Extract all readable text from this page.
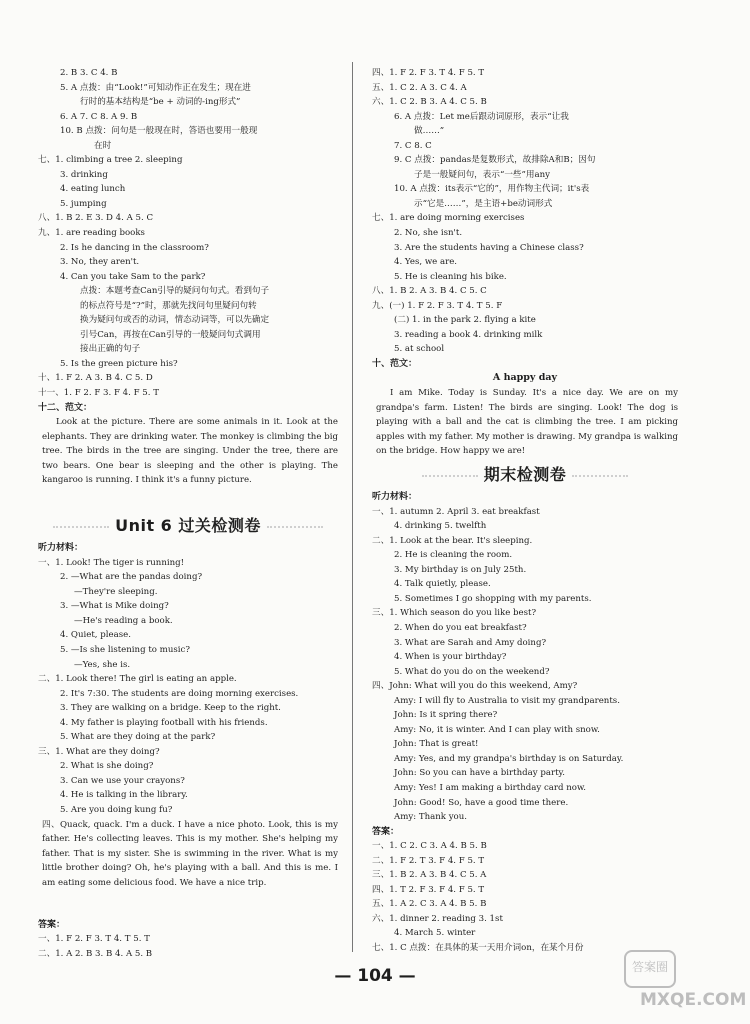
2. B 3. C 4. B
5. A 点拨：由“Look!”可知动作正在发生；现在进
行时的基本结构是“be + 动词的-ing形式”
6. A 7. C 8. A 9. B
10. B 点拨：问句是一般现在时，答语也要用一般现
在时
七、1. climbing a tree 2. sleeping
3. drinking
4. eating lunch
5. jumping
八、1. B 2. E 3. D 4. A 5. C
九、1. are reading books
2. Is he dancing in the classroom?
3. No, they aren't.
4. Can you take Sam to the park?
点拨：本题考查Can引导的疑问句句式。看到句子
的标点符号是“?”时，那就先找问句里疑问句转
换为疑问句或否的动词，情态动词等，可以先确定
引号Can，再按在Can引导的一般疑问句式调用
接出正确的句子
5. Is the green picture his?
十、1. F 2. A 3. B 4. C 5. D
十一、1. F 2. F 3. F 4. F 5. T
十二、范文：
Look at the picture. There are some animals in it. Look at the elephants. They are drinking water. The monkey is climbing the big tree. The birds in the tree are singing. Under the tree, there are two bears. One bear is sleeping and the other is playing. The kangaroo is running. I think it's a funny picture.
Unit 6 过关检测卷
听力材料：
一、1. Look! The tiger is running!
2. —What are the pandas doing?
—They're sleeping.
3. —What is Mike doing?
—He's reading a book.
4. Quiet, please.
5. —Is she listening to music?
—Yes, she is.
二、1. Look there! The girl is eating an apple.
2. It's 7:30. The students are doing morning exercises.
3. They are walking on a bridge. Keep to the right.
4. My father is playing football with his friends.
5. What are they doing at the park?
三、1. What are they doing?
2. What is she doing?
3. Can we use your crayons?
4. He is talking in the library.
5. Are you doing kung fu?
四、Quack, quack. I'm a duck. I have a nice photo. Look, this is my father. He's collecting leaves. This is my mother. She's helping my father. That is my sister. She is swimming in the river. What is my little brother doing? Oh, he's playing with a ball. And this is me. I am eating some delicious food. We have a nice trip.
答案：
一、1. F 2. F 3. T 4. T 5. T
二、1. A 2. B 3. B 4. A 5. B
四、1. F 2. F 3. T 4. F 5. T
五、1. C 2. A 3. C 4. A
六、1. C 2. B 3. A 4. C 5. B
6. A 点拨：Let me后跟动词原形，表示“让我
做……”
7. C 8. C
9. C 点拨：pandas是复数形式，故排除A和B；因句
子是一般疑问句，表示“一些”用any
10. A 点拨：its表示“它的”，用作物主代词；it's表
示“它是……”，是主语+be动词形式
七、1. are doing morning exercises
2. No, she isn't.
3. Are the students having a Chinese class?
4. Yes, we are.
5. He is cleaning his bike.
八、1. B 2. A 3. B 4. C 5. C
九、(一) 1. F 2. F 3. T 4. T 5. F
(二) 1. in the park 2. flying a kite
3. reading a book 4. drinking milk
5. at school
十、范文：
A happy day
I am Mike. Today is Sunday. It's a nice day. We are on my grandpa's farm. Listen! The birds are singing. Look! The dog is playing with a ball and the cat is climbing the tree. I am picking apples with my father. My mother is drawing. My grandpa is walking on the bridge. How happy we are!
期末检测卷
听力材料：
一、1. autumn 2. April 3. eat breakfast
4. drinking 5. twelfth
二、1. Look at the bear. It's sleeping.
2. He is cleaning the room.
3. My birthday is on July 25th.
4. Talk quietly, please.
5. Sometimes I go shopping with my parents.
三、1. Which season do you like best?
2. When do you eat breakfast?
3. What are Sarah and Amy doing?
4. When is your birthday?
5. What do you do on the weekend?
四、John: What will you do this weekend, Amy?
Amy: I will fly to Australia to visit my grandparents.
John: Is it spring there?
Amy: No, it is winter. And I can play with snow.
John: That is great!
Amy: Yes, and my grandpa's birthday is on Saturday.
John: So you can have a birthday party.
Amy: Yes! I am making a birthday card now.
John: Good! So, have a good time there.
Amy: Thank you.
答案：
一、1. C 2. C 3. A 4. B 5. B
二、1. F 2. T 3. F 4. F 5. T
三、1. B 2. A 3. B 4. C 5. A
四、1. T 2. F 3. F 4. F 5. T
五、1. A 2. C 3. A 4. B 5. B
六、1. dinner 2. reading 3. 1st
4. March 5. winter
七、1. C 点拨：在具体的某一天用介词on，在某个月份
— 104 —	答案圈
MXQE.COM
